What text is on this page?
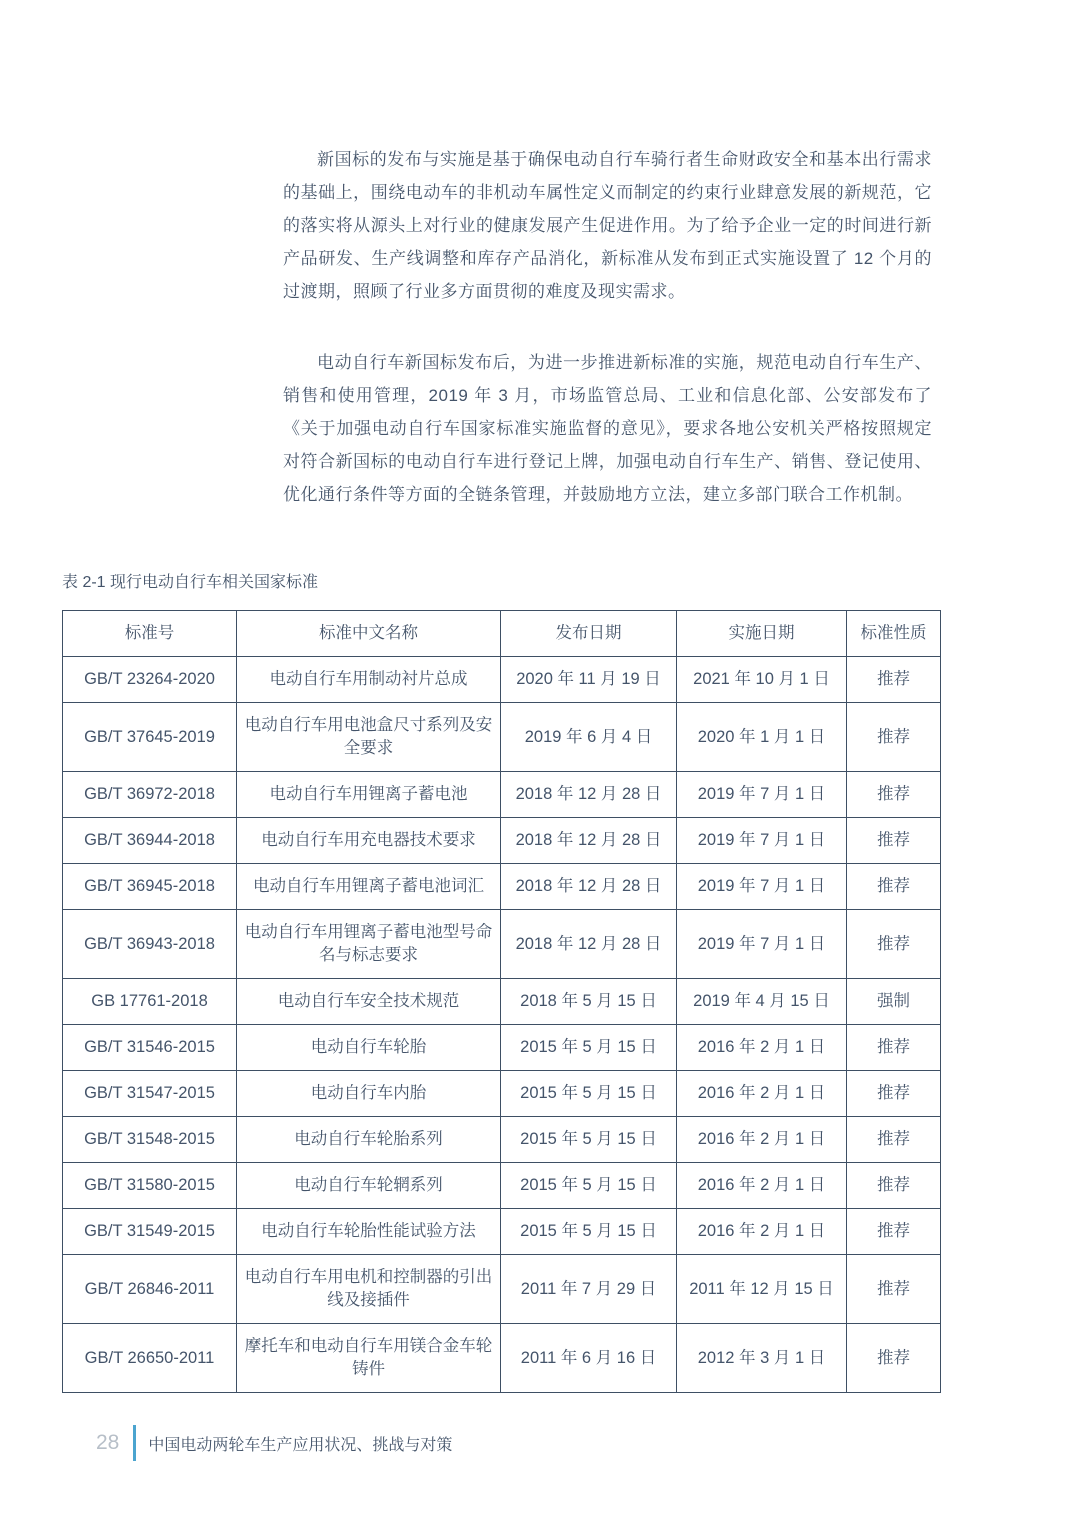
新国标的发布与实施是基于确保电动自行车骑行者生命财政安全和基本出行需求的基础上，围绕电动车的非机动车属性定义而制定的约束行业肆意发展的新规范，它的落实将从源头上对行业的健康发展产生促进作用。为了给予企业一定的时间进行新产品研发、生产线调整和库存产品消化，新标准从发布到正式实施设置了 12 个月的过渡期，照顾了行业多方面贯彻的难度及现实需求。

电动自行车新国标发布后，为进一步推进新标准的实施，规范电动自行车生产、销售和使用管理，2019 年 3 月，市场监管总局、工业和信息化部、公安部发布了《关于加强电动自行车国家标准实施监督的意见》，要求各地公安机关严格按照规定对符合新国标的电动自行车进行登记上牌，加强电动自行车生产、销售、登记使用、优化通行条件等方面的全链条管理，并鼓励地方立法，建立多部门联合工作机制。

表 2-1 现行电动自行车相关国家标准
标准号	标准中文名称	发布日期	实施日期	标准性质
GB/T 23264-2020	电动自行车用制动衬片总成	2020 年 11 月 19 日	2021 年 10 月 1 日	推荐
GB/T 37645-2019	电动自行车用电池盒尺寸系列及安全要求	2019 年 6 月 4 日	2020 年 1 月 1 日	推荐
GB/T 36972-2018	电动自行车用锂离子蓄电池	2018 年 12 月 28 日	2019 年 7 月 1 日	推荐
GB/T 36944-2018	电动自行车用充电器技术要求	2018 年 12 月 28 日	2019 年 7 月 1 日	推荐
GB/T 36945-2018	电动自行车用锂离子蓄电池词汇	2018 年 12 月 28 日	2019 年 7 月 1 日	推荐
GB/T 36943-2018	电动自行车用锂离子蓄电池型号命名与标志要求	2018 年 12 月 28 日	2019 年 7 月 1 日	推荐
GB 17761-2018	电动自行车安全技术规范	2018 年 5 月 15 日	2019 年 4 月 15 日	强制
GB/T 31546-2015	电动自行车轮胎	2015 年 5 月 15 日	2016 年 2 月 1 日	推荐
GB/T 31547-2015	电动自行车内胎	2015 年 5 月 15 日	2016 年 2 月 1 日	推荐
GB/T 31548-2015	电动自行车轮胎系列	2015 年 5 月 15 日	2016 年 2 月 1 日	推荐
GB/T 31580-2015	电动自行车轮辋系列	2015 年 5 月 15 日	2016 年 2 月 1 日	推荐
GB/T 31549-2015	电动自行车轮胎性能试验方法	2015 年 5 月 15 日	2016 年 2 月 1 日	推荐
GB/T 26846-2011	电动自行车用电机和控制器的引出线及接插件	2011 年 7 月 29 日	2011 年 12 月 15 日	推荐
GB/T 26650-2011	摩托车和电动自行车用镁合金车轮铸件	2011 年 6 月 16 日	2012 年 3 月 1 日	推荐
28 中国电动两轮车生产应用状况、挑战与对策
